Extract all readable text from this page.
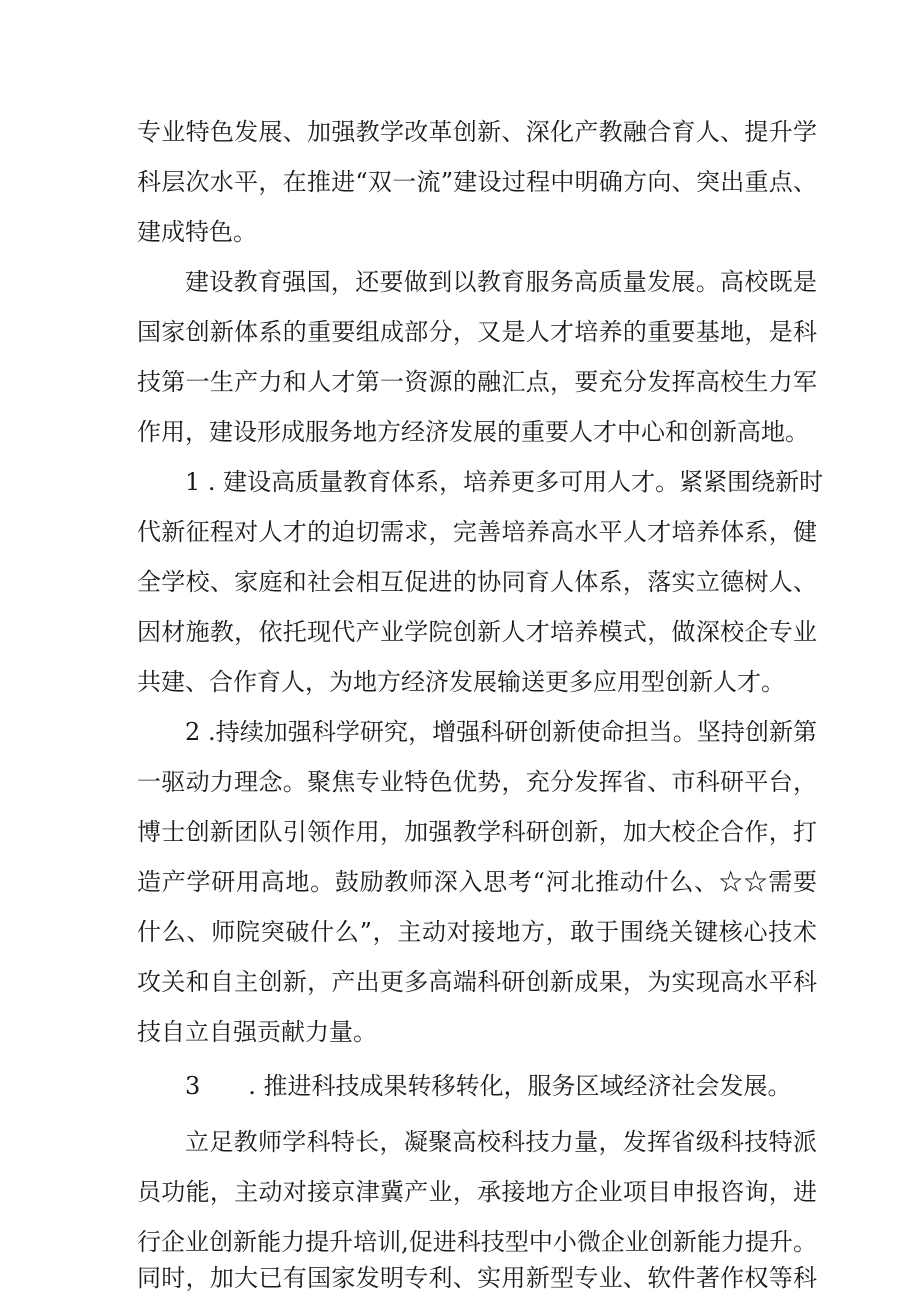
专业特色发展、加强教学改革创新、深化产教融合育人、提升学
科层次水平，在推进“双一流”建设过程中明确方向、突出重点、
建成特色。
建设教育强国，还要做到以教育服务高质量发展。高校既是
国家创新体系的重要组成部分，又是人才培养的重要基地，是科
技第一生产力和人才第一资源的融汇点，要充分发挥高校生力军
作用，建设形成服务地方经济发展的重要人才中心和创新高地。
1 . 建设高质量教育体系，培养更多可用人才。紧紧围绕新时
代新征程对人才的迫切需求，完善培养高水平人才培养体系，健
全学校、家庭和社会相互促进的协同育人体系，落实立德树人、
因材施教，依托现代产业学院创新人才培养模式，做深校企专业
共建、合作育人，为地方经济发展输送更多应用型创新人才。
2 .持续加强科学研究，增强科研创新使命担当。坚持创新第
一驱动力理念。聚焦专业特色优势，充分发挥省、市科研平台，
博士创新团队引领作用，加强教学科研创新，加大校企合作，打
造产学研用高地。鼓励教师深入思考“河北推动什么、☆☆需要
什么、师院突破什么”，主动对接地方，敢于围绕关键核心技术
攻关和自主创新，产出更多高端科研创新成果，为实现高水平科
技自立自强贡献力量。
3　　. 推进科技成果转移转化，服务区域经济社会发展。
立足教师学科特长，凝聚高校科技力量，发挥省级科技特派
员功能，主动对接京津冀产业，承接地方企业项目申报咨询，进
行企业创新能力提升培训,促进科技型中小微企业创新能力提升。
同时，加大已有国家发明专利、实用新型专业、软件著作权等科
